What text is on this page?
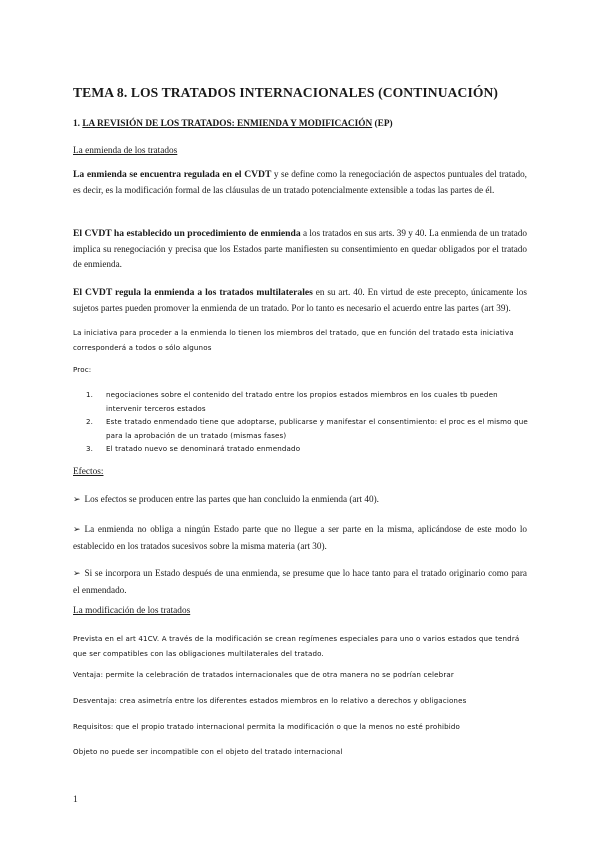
TEMA 8. LOS TRATADOS INTERNACIONALES (CONTINUACIÓN)

1. LA REVISIÓN DE LOS TRATADOS: ENMIENDA Y MODIFICACIÓN (EP)

La enmienda de los tratados

La enmienda se encuentra regulada en el CVDT y se define como la renegociación de aspectos puntuales del tratado, es decir, es la modificación formal de las cláusulas de un tratado potencialmente extensible a todas las partes de él.

El CVDT ha establecido un procedimiento de enmienda a los tratados en sus arts. 39 y 40. La enmienda de un tratado implica su renegociación y precisa que los Estados parte manifiesten su consentimiento en quedar obligados por el tratado de enmienda.

El CVDT regula la enmienda a los tratados multilaterales en su art. 40. En virtud de este precepto, únicamente los sujetos partes pueden promover la enmienda de un tratado. Por lo tanto es necesario el acuerdo entre las partes (art 39).

La iniciativa para proceder a la enmienda lo tienen los miembros del tratado, que en función del tratado esta iniciativa corresponderá a todos o sólo algunos

Proc:

1. negociaciones sobre el contenido del tratado entre los propios estados miembros en los cuales tb pueden intervenir terceros estados
2. Este tratado enmendado tiene que adoptarse, publicarse y manifestar el consentimiento: el proc es el mismo que para la aprobación de un tratado (mismas fases)
3. El tratado nuevo se denominará tratado enmendado

Efectos:

➢ Los efectos se producen entre las partes que han concluido la enmienda (art 40).

➢ La enmienda no obliga a ningún Estado parte que no llegue a ser parte en la misma, aplicándose de este modo lo establecido en los tratados sucesivos sobre la misma materia (art 30).

➢ Si se incorpora un Estado después de una enmienda, se presume que lo hace tanto para el tratado originario como para el enmendado.

La modificación de los tratados

Prevista en el art 41CV. A través de la modificación se crean regímenes especiales para uno o varios estados que tendrá que ser compatibles con las obligaciones multilaterales del tratado.

Ventaja: permite la celebración de tratados internacionales que de otra manera no se podrían celebrar

Desventaja: crea asimetría entre los diferentes estados miembros en lo relativo a derechos y obligaciones

Requisitos: que el propio tratado internacional permita la modificación o que la menos no esté prohibido

Objeto no puede ser incompatible con el objeto del tratado internacional

1
